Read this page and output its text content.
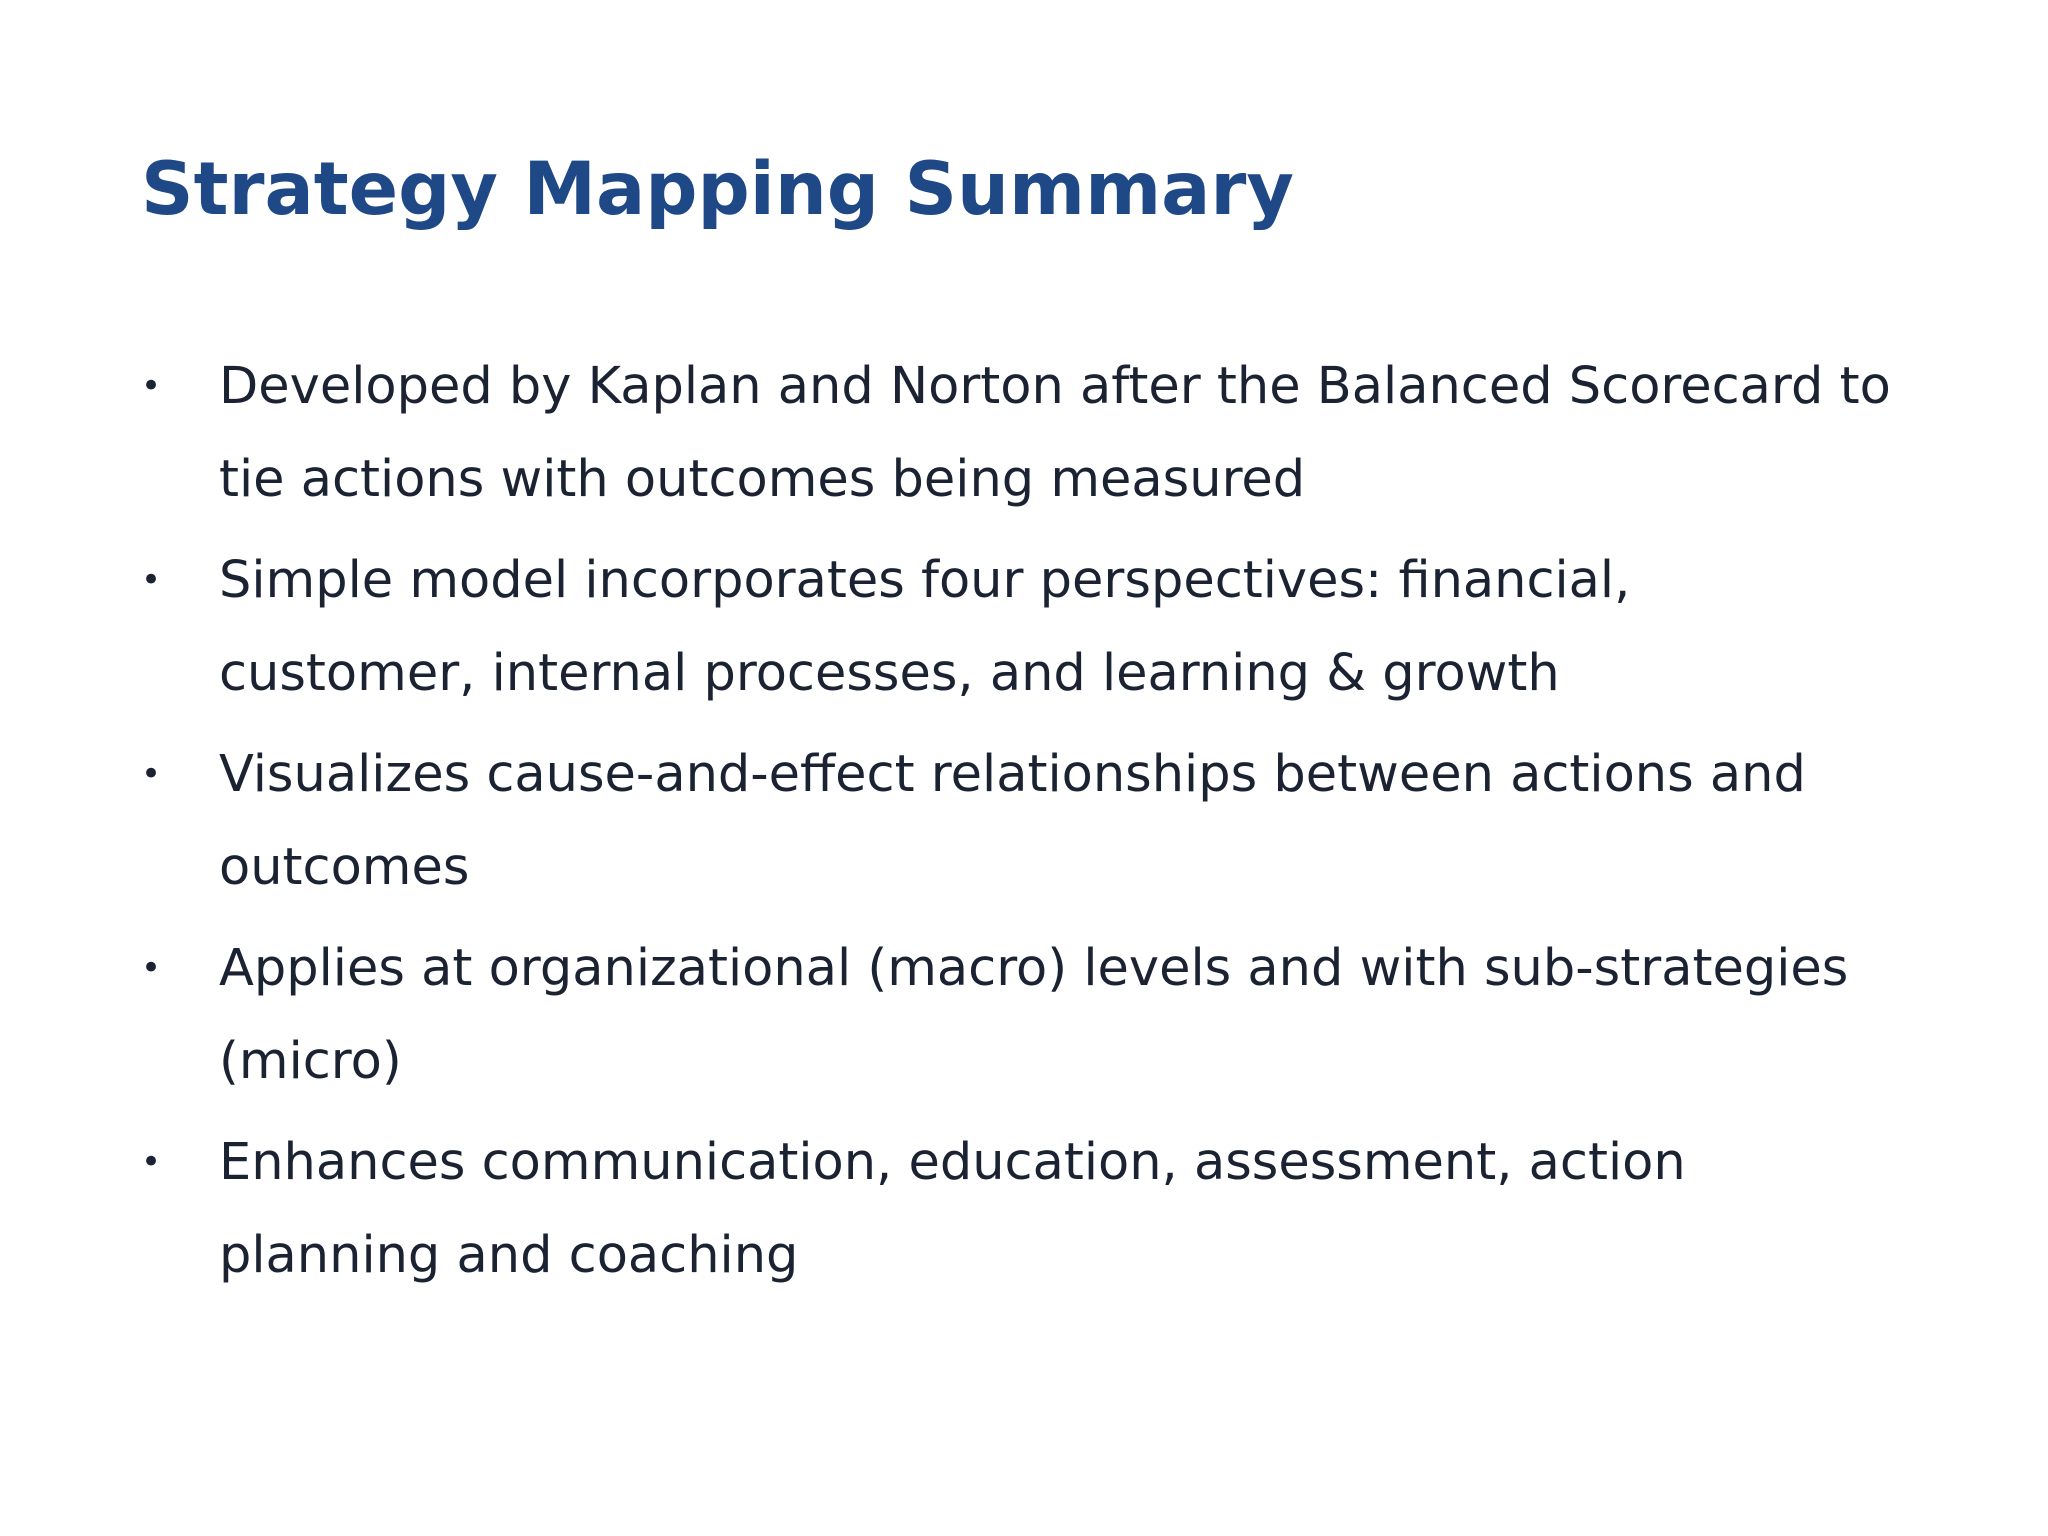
Strategy Mapping Summary
•	Developed by Kaplan and Norton after the Balanced Scorecard to tie actions with outcomes being measured
•	Simple model incorporates four perspectives: financial, customer, internal processes, and learning & growth
•	Visualizes cause-and-effect relationships between actions and outcomes
•	Applies at organizational (macro) levels and with sub-strategies (micro)
•	Enhances communication, education, assessment, action planning and coaching
